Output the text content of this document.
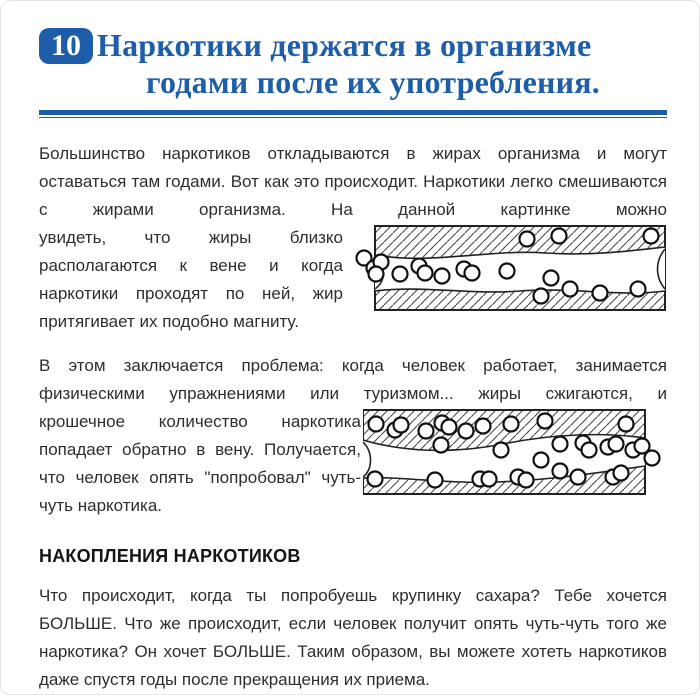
10 Наркотики держатся в организме
годами после их употребления.

Большинство наркотиков откладываются в жирах организма и могут оставаться там годами. Вот как это происходит. Наркотики легко смешиваются с жирами организма. На данной картинке можно

увидеть, что жиры близко располагаются к вене и когда наркотики проходят по ней, жир притягивает их подобно магниту.

В этом заключается проблема: когда человек работает, занимается физическими упражнениями или туризмом... жиры сжигаются, и

крошечное количество наркотика попадает обратно в вену. Получается, что человек опять "попробовал" чуть-чуть наркотика.

НАКОПЛЕНИЯ НАРКОТИКОВ

Что происходит, когда ты попробуешь крупинку сахара? Тебе хочется БОЛЬШЕ. Что же происходит, если человек получит опять чуть-чуть того же наркотика? Он хочет БОЛЬШЕ. Таким образом, вы можете хотеть наркотиков даже спустя годы после прекращения их приема.
